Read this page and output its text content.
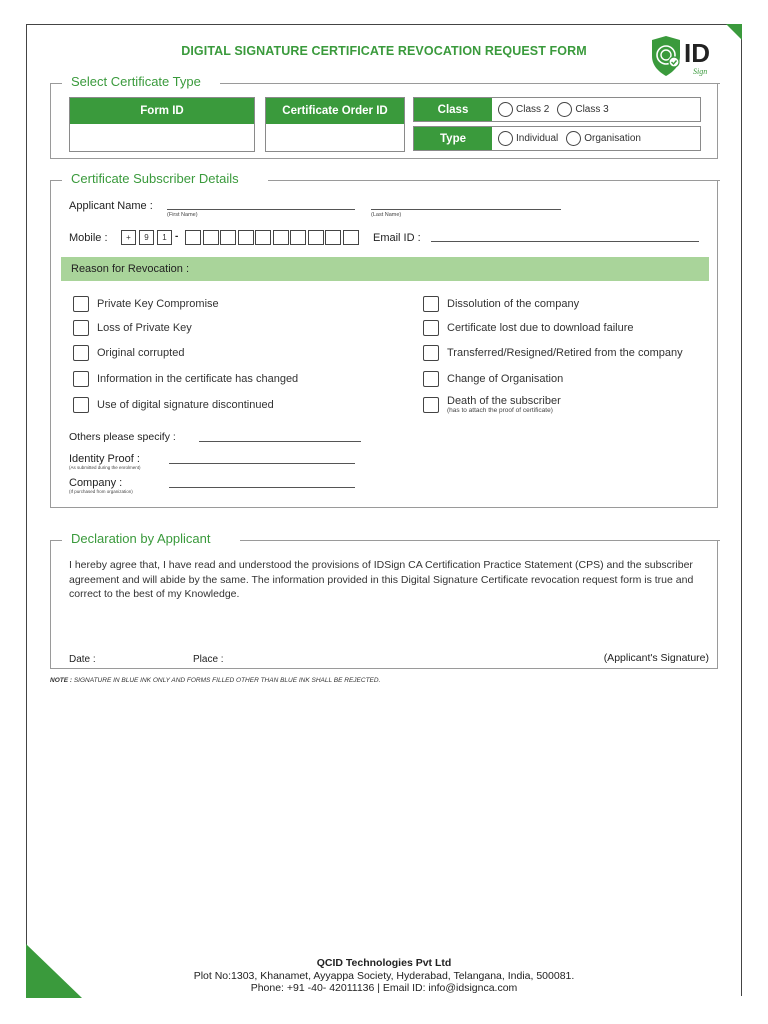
DIGITAL SIGNATURE CERTIFICATE REVOCATION REQUEST FORM	ID
Sign
Select Certificate Type
Form ID	Certificate Order ID	Class	Class 2	Class 3
Type	Individual	Organisation
Certificate Subscriber Details
Applicant Name :
(First Name)	(Last Name)
Mobile :	+	9	1 -	Email ID :
Reason for Revocation :
Private Key Compromise
Loss of Private Key
Original corrupted
Information in the certificate has changed
Use of digital signature discontinued
Dissolution of the company
Certificate lost due to download failure
Transferred/Resigned/Retired from the company
Change of Organisation
Death of the subscriber
(has to attach the proof of certificate)
Others please specify :
Identity Proof :
(As submitted during the enrolment)
Company :
(If purchased from organization)
Declaration by Applicant
I hereby agree that, I have read and understood the provisions of IDSign CA Certification Practice Statement (CPS) and the subscriber agreement and will abide by the same. The information provided in this Digital Signature Certificate revocation request form is true and correct to the best of my Knowledge.
Date :	Place :	(Applicant's Signature)
NOTE : SIGNATURE IN BLUE INK ONLY AND FORMS FILLED OTHER THAN BLUE INK SHALL BE REJECTED.
QCID Technologies Pvt Ltd
Plot No:1303, Khanamet, Ayyappa Society, Hyderabad, Telangana, India, 500081.
Phone: +91 -40- 42011136 | Email ID: info@idsignca.com
